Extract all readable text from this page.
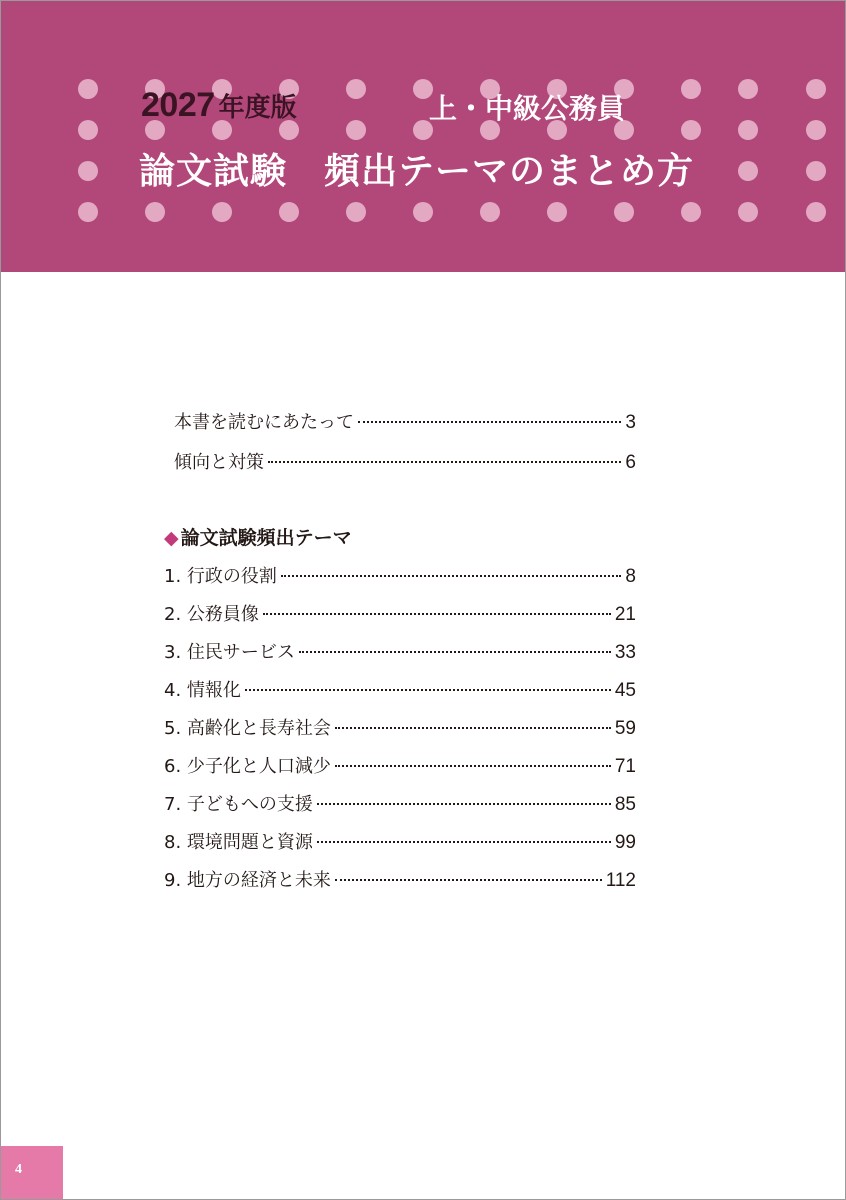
2027 年度版	上・中級公務員
論文試験　頻出テーマのまとめ方
本書を読むにあたって	3
傾向と対策	6
1. 行政の役割	8
2. 公務員像	21
3. 住民サービス	33
4. 情報化	45
5. 高齢化と長寿社会	59
6. 少子化と人口減少	71
7. 子どもへの支援	85
8. 環境問題と資源	99
9. 地方の経済と未来	112
◆ 論文試験頻出テーマ
4
